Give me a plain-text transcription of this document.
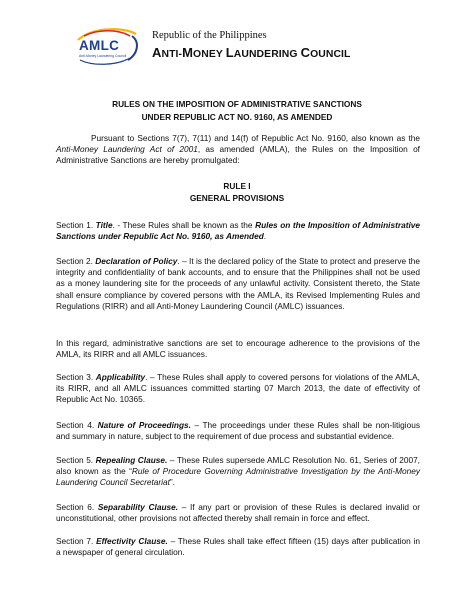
AMLC
Anti-Money Laundering Council
Republic of the Philippines
ANTI-MONEY LAUNDERING COUNCIL
RULES ON THE IMPOSITION OF ADMINISTRATIVE SANCTIONS
UNDER REPUBLIC ACT NO. 9160, AS AMENDED

Pursuant to Sections 7(7), 7(11) and 14(f) of Republic Act No. 9160, also known as the Anti-Money Laundering Act of 2001, as amended (AMLA), the Rules on the Imposition of Administrative Sanctions are hereby promulgated:

RULE I
GENERAL PROVISIONS

Section 1. Title. - These Rules shall be known as the Rules on the Imposition of Administrative Sanctions under Republic Act No. 9160, as Amended.

Section 2. Declaration of Policy. – It is the declared policy of the State to protect and preserve the integrity and confidentiality of bank accounts, and to ensure that the Philippines shall not be used as a money laundering site for the proceeds of any unlawful activity. Consistent thereto, the State shall ensure compliance by covered persons with the AMLA, its Revised Implementing Rules and Regulations (RIRR) and all Anti-Money Laundering Council (AMLC) issuances.

In this regard, administrative sanctions are set to encourage adherence to the provisions of the AMLA, its RIRR and all AMLC issuances.

Section 3. Applicability. – These Rules shall apply to covered persons for violations of the AMLA, its RIRR, and all AMLC issuances committed starting 07 March 2013, the date of effectivity of Republic Act No. 10365.

Section 4. Nature of Proceedings. – The proceedings under these Rules shall be non-litigious and summary in nature, subject to the requirement of due process and substantial evidence.

Section 5. Repealing Clause. – These Rules supersede AMLC Resolution No. 61, Series of 2007, also known as the “Rule of Procedure Governing Administrative Investigation by the Anti-Money Laundering Council Secretariat”.

Section 6. Separability Clause. – If any part or provision of these Rules is declared invalid or unconstitutional, other provisions not affected thereby shall remain in force and effect.

Section 7. Effectivity Clause. – These Rules shall take effect fifteen (15) days after publication in a newspaper of general circulation.
